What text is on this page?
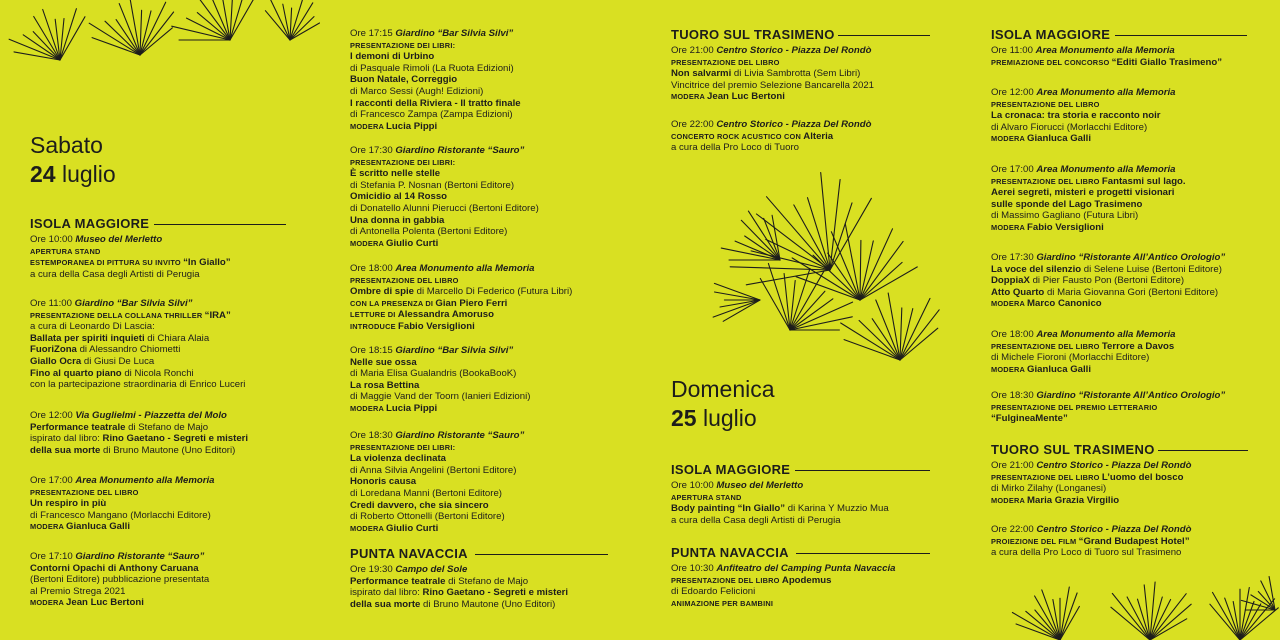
Sabato
24 luglio
ISOLA MAGGIORE
Ore 10:00 Museo del Merletto
APERTURA STAND
ESTEMPORANEA DI PITTURA SU INVITO “In Giallo”
a cura della Casa degli Artisti di Perugia
Ore 11:00 Giardino “Bar Silvia Silvi”
PRESENTAZIONE DELLA COLLANA THRILLER “IRA”
a cura di Leonardo Di Lascia:
Ballata per spiriti inquieti di Chiara Alaia
FuoriZona di Alessandro Chiometti
Giallo Ocra di Giusi De Luca
Fino al quarto piano di Nicola Ronchi
con la partecipazione straordinaria di Enrico Luceri
Ore 12:00 Via Guglielmi - Piazzetta del Molo
Performance teatrale di Stefano de Majo
ispirato dal libro: Rino Gaetano - Segreti e misteri
della sua morte di Bruno Mautone (Uno Editori)
Ore 17:00 Area Monumento alla Memoria
PRESENTAZIONE DEL LIBRO
Un respiro in più
di Francesco Mangano (Morlacchi Editore)
MODERA Gianluca Galli
Ore 17:10 Giardino Ristorante “Sauro”
Contorni Opachi di Anthony Caruana
(Bertoni Editore) pubblicazione presentata
al Premio Strega 2021
MODERA Jean Luc Bertoni
Ore 17:15 Giardino “Bar Silvia Silvi”
PRESENTAZIONE DEI LIBRI:
I demoni di Urbino
di Pasquale Rimoli (La Ruota Edizioni)
Buon Natale, Correggio
di Marco Sessi (Augh! Edizioni)
I racconti della Riviera - Il tratto finale
di Francesco Zampa (Zampa Edizioni)
MODERA Lucia Pippi
Ore 17:30 Giardino Ristorante “Sauro”
PRESENTAZIONE DEI LIBRI:
È scritto nelle stelle
di Stefania P. Nosnan (Bertoni Editore)
Omicidio al 14 Rosso
di Donatello Alunni Pierucci (Bertoni Editore)
Una donna in gabbia
di Antonella Polenta (Bertoni Editore)
MODERA Giulio Curti
Ore 18:00 Area Monumento alla Memoria
PRESENTAZIONE DEL LIBRO
Ombre di spie di Marcello Di Federico (Futura Libri)
CON LA PRESENZA DI Gian Piero Ferri
LETTURE DI Alessandra Amoruso
INTRODUCE Fabio Versiglioni
Ore 18:15 Giardino “Bar Silvia Silvi”
Nelle sue ossa
di Maria Elisa Gualandris (BookaBooK)
La rosa Bettina
di Maggie Vand der Toorn (Ianieri Edizioni)
MODERA Lucia Pippi
Ore 18:30 Giardino Ristorante “Sauro”
PRESENTAZIONE DEI LIBRI:
La violenza declinata
di Anna Silvia Angelini (Bertoni Editore)
Honoris causa
di Loredana Manni (Bertoni Editore)
Credi davvero, che sia sincero
di Roberto Ottonelli (Bertoni Editore)
MODERA Giulio Curti
PUNTA NAVACCIA
Ore 19:30 Campo del Sole
Performance teatrale di Stefano de Majo
ispirato dal libro: Rino Gaetano - Segreti e misteri
della sua morte di Bruno Mautone (Uno Editori)
TUORO SUL TRASIMENO
Ore 21:00 Centro Storico - Piazza Del Rondò
PRESENTAZIONE DEL LIBRO
Non salvarmi di Livia Sambrotta (Sem Libri)
Vincitrice del premio Selezione Bancarella 2021
MODERA Jean Luc Bertoni
Ore 22:00 Centro Storico - Piazza Del Rondò
CONCERTO ROCK ACUSTICO CON Alteria
a cura della Pro Loco di Tuoro
Domenica
25 luglio
ISOLA MAGGIORE
Ore 10:00 Museo del Merletto
APERTURA STAND
Body painting “In Giallo” di Karina Y Muzzio Mua
a cura della Casa degli Artisti di Perugia
PUNTA NAVACCIA
Ore 10:30 Anfiteatro del Camping Punta Navaccia
PRESENTAZIONE DEL LIBRO Apodemus
di Edoardo Felicioni
ANIMAZIONE PER BAMBINI
ISOLA MAGGIORE
Ore 11:00 Area Monumento alla Memoria
PREMIAZIONE DEL CONCORSO “Editi Giallo Trasimeno”
Ore 12:00 Area Monumento alla Memoria
PRESENTAZIONE DEL LIBRO
La cronaca: tra storia e racconto noir
di Alvaro Fiorucci (Morlacchi Editore)
MODERA Gianluca Galli
Ore 17:00 Area Monumento alla Memoria
PRESENTAZIONE DEL LIBRO Fantasmi sul lago.
Aerei segreti, misteri e progetti visionari
sulle sponde del Lago Trasimeno
di Massimo Gagliano (Futura Libri)
MODERA Fabio Versiglioni
Ore 17:30 Giardino “Ristorante All’Antico Orologio”
La voce del silenzio di Selene Luise (Bertoni Editore)
DoppiaX di Pier Fausto Pon (Bertoni Editore)
Atto Quarto di Maria Giovanna Gori (Bertoni Editore)
MODERA Marco Canonico
Ore 18:00 Area Monumento alla Memoria
PRESENTAZIONE DEL LIBRO Terrore a Davos
di Michele Fioroni (Morlacchi Editore)
MODERA Gianluca Galli
Ore 18:30 Giardino “Ristorante All’Antico Orologio”
PRESENTAZIONE DEL PREMIO LETTERARIO
“FulgineaMente”
TUORO SUL TRASIMENO
Ore 21:00 Centro Storico - Piazza Del Rondò
PRESENTAZIONE DEL LIBRO L’uomo del bosco
di Mirko Zilahy (Longanesi)
MODERA Maria Grazia Virgilio
Ore 22:00 Centro Storico - Piazza Del Rondò
PROIEZIONE DEL FILM “Grand Budapest Hotel”
a cura della Pro Loco di Tuoro sul Trasimeno
